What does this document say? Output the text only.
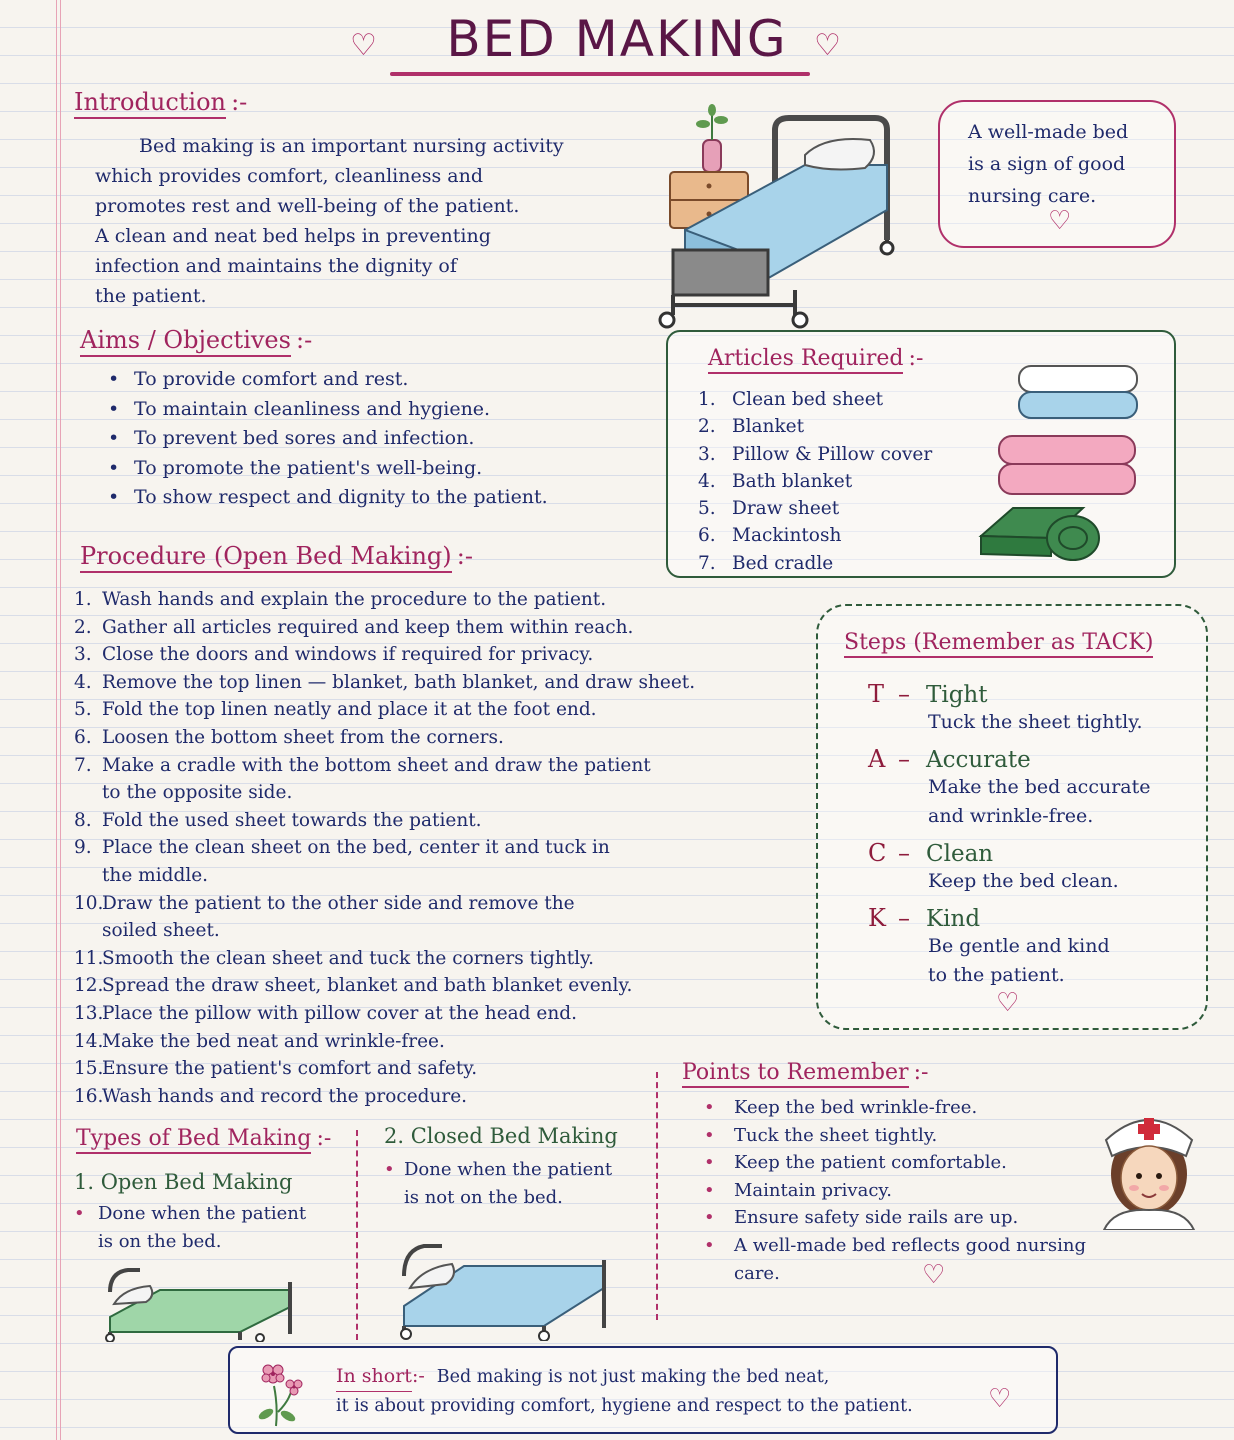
♡	BED MAKING ♡
Introduction :-
Bed making is an important nursing activity
which provides comfort, cleanliness and
promotes rest and well-being of the patient.
A clean and neat bed helps in preventing
infection and maintains the dignity of
the patient.
A well-made bed
is a sign of good
nursing care.
♡
Aims / Objectives :-
• To provide comfort and rest.
• To maintain cleanliness and hygiene.
• To prevent bed sores and infection.
• To promote the patient's well-being.
• To show respect and dignity to the patient.
Articles Required :-
1. Clean bed sheet
2. Blanket
3. Pillow & Pillow cover
4. Bath blanket
5. Draw sheet
6. Mackintosh
7. Bed cradle
Procedure (Open Bed Making) :-
1. Wash hands and explain the procedure to the patient.
2. Gather all articles required and keep them within reach.
3. Close the doors and windows if required for privacy.
4. Remove the top linen — blanket, bath blanket, and draw sheet.
5. Fold the top linen neatly and place it at the foot end.
6. Loosen the bottom sheet from the corners.
7. Make a cradle with the bottom sheet and draw the patient
to the opposite side.
8. Fold the used sheet towards the patient.
9. Place the clean sheet on the bed, center it and tuck in
the middle.
10.
Draw the patient to the other side and remove the
soiled sheet.
11.
Smooth the clean sheet and tuck the corners tightly.
12.
Spread the draw sheet, blanket and bath blanket evenly.
13.
Place the pillow with pillow cover at the head end.
14.
Make the bed neat and wrinkle-free.
15.
Ensure the patient's comfort and safety.
16.
Wash hands and record the procedure.
Steps (Remember as TACK)
T – Tight
Tuck the sheet tightly.
A – Accurate
Make the bed accurate
and wrinkle-free.
C – Clean
Keep the bed clean.
K – Kind
Be gentle and kind
to the patient.
♡
Types of Bed Making :-
1. Open Bed Making
Done when the patient
is on the bed.
2. Closed Bed Making
Done when the patient
is not on the bed.
Points to Remember :-
Keep the bed wrinkle-free.
Tuck the sheet tightly.
Keep the patient comfortable.
Maintain privacy.
Ensure safety side rails are up.
A well-made bed reflects good nursing
care.	♡
In short:- Bed making is not just making the bed neat,
it is about providing comfort, hygiene and respect to the patient.	♡
